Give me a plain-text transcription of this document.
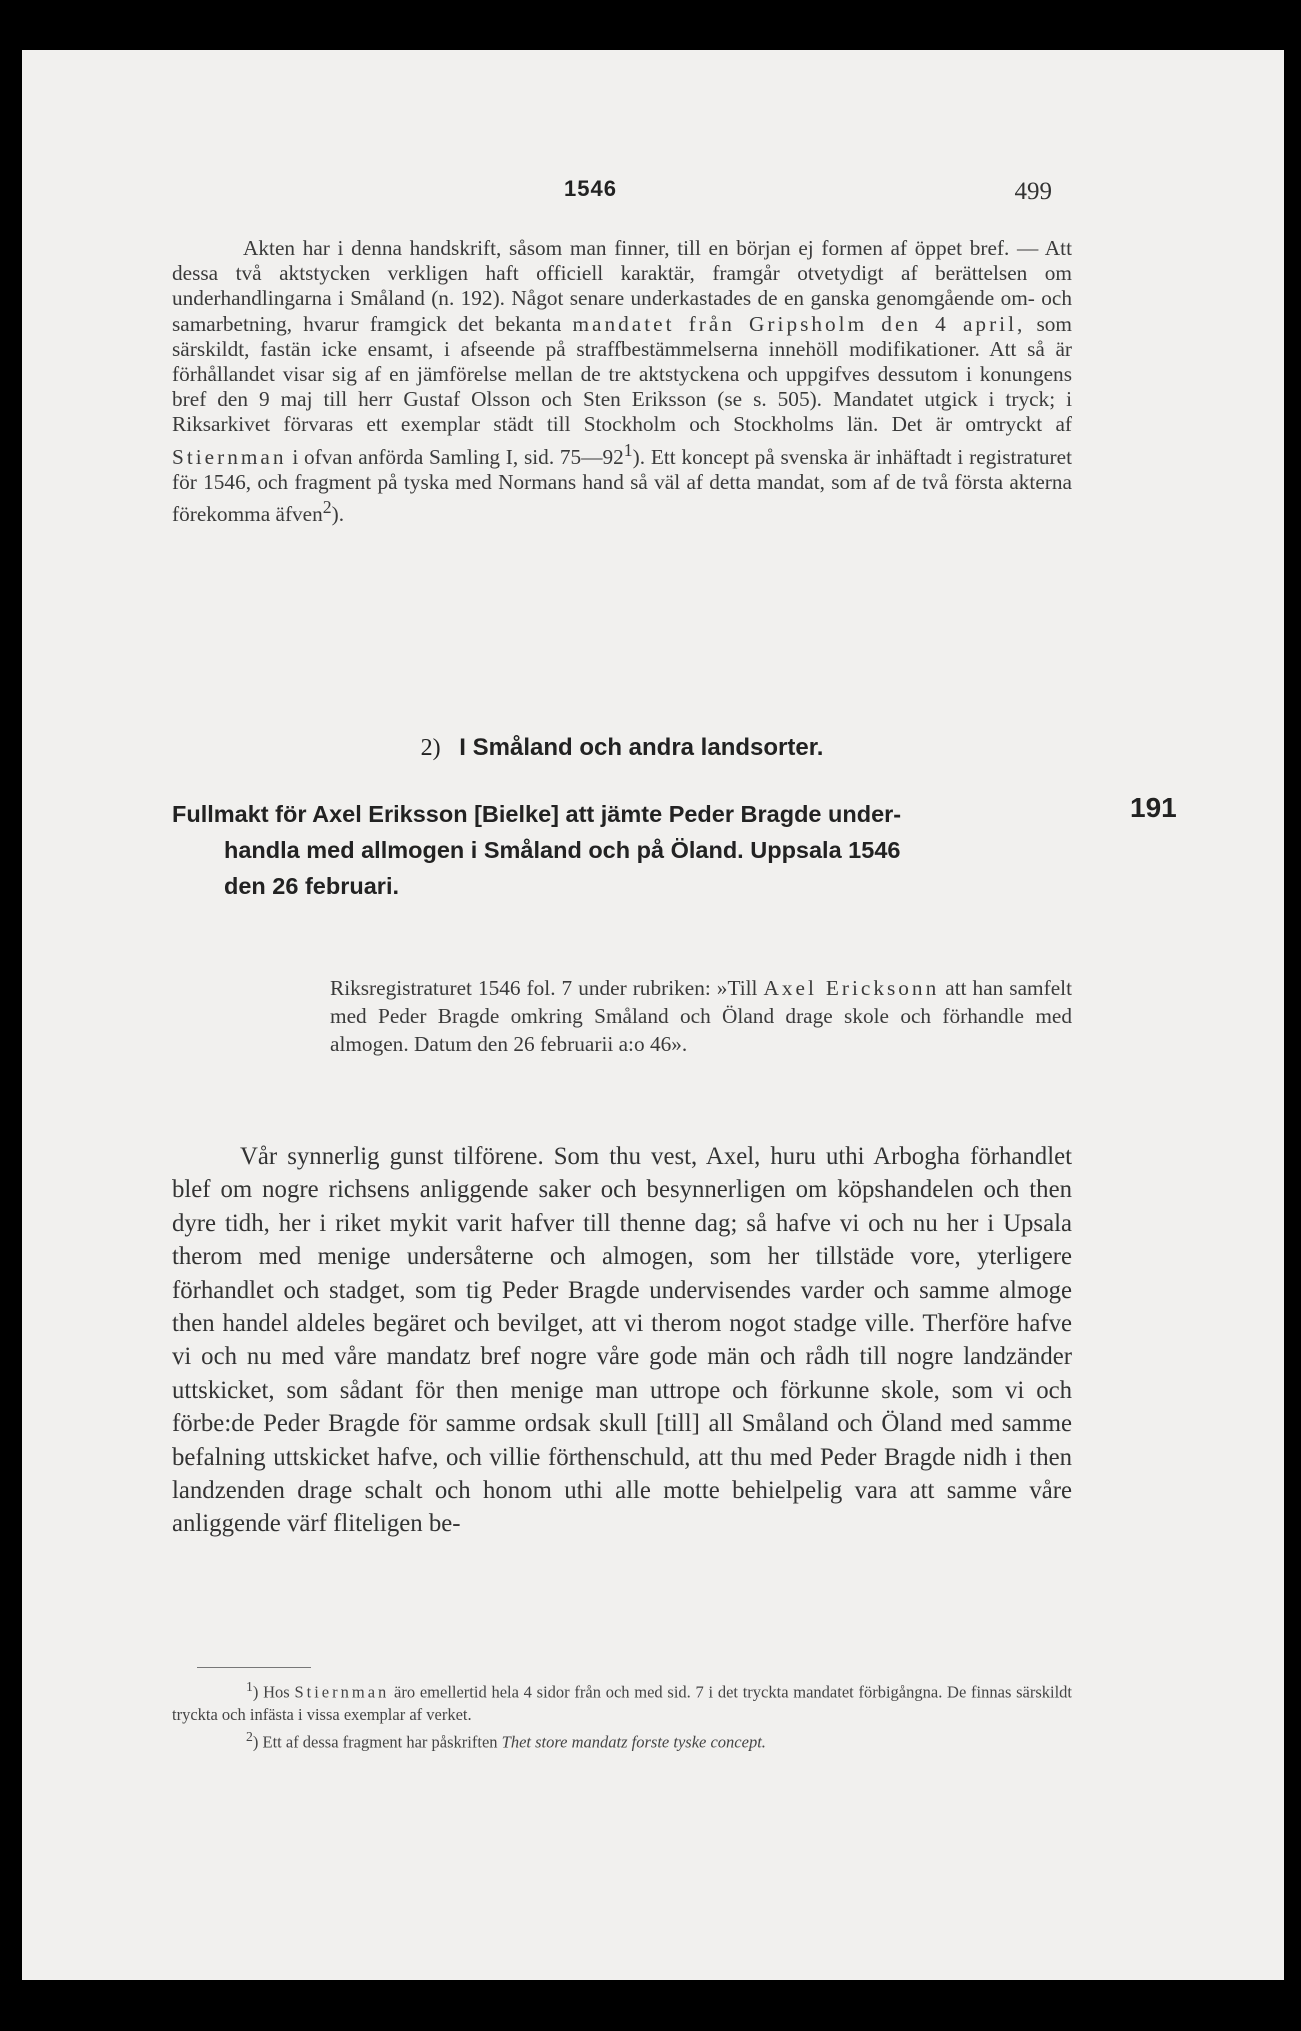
1546	499

Akten har i denna handskrift, såsom man finner, till en början ej formen af öppet bref. — Att dessa två aktstycken verkligen haft officiell karaktär, framgår otvetydigt af berättelsen om underhandlingarna i Småland (n. 192). Något senare underkastades de en ganska genomgående om- och samarbetning, hvarur framgick det bekanta mandatet från Gripsholm den 4 april, som särskildt, fastän icke ensamt, i afseende på straffbestämmelserna innehöll modifikationer. Att så är förhållandet visar sig af en jämförelse mellan de tre aktstyckena och uppgifves dessutom i konungens bref den 9 maj till herr Gustaf Olsson och Sten Eriksson (se s. 505). Mandatet utgick i tryck; i Riksarkivet förvaras ett exemplar städt till Stockholm och Stockholms län. Det är omtryckt af Stiernman i ofvan anförda Samling I, sid. $75—92^1$). Ett koncept på svenska är inhäftadt i registraturet för 1546, och fragment på tyska med Normans hand så väl af detta mandat, som af de två första akterna förekomma äfven$^2$).

2) I Småland och andra landsorter.
Fullmakt för Axel Eriksson [Bielke] att jämte Peder Bragde under-
handla med allmogen i Småland och på Öland. Uppsala 1546
den 26 februari.
191

Riksregistraturet 1546 fol. 7 under rubriken: »Till Axel Ericksonn att han samfelt med Peder Bragde omkring Småland och Öland drage skole och förhandle med almogen. Datum den 26 februarii a:o 46».

Vår synnerlig gunst tilförene. Som thu vest, Axel, huru uthi Arbogha förhandlet blef om nogre richsens anliggende saker och besynnerligen om köpshandelen och then dyre tidh, her i riket mykit varit hafver till thenne dag; så hafve vi och nu her i Upsala therom med menige undersåterne och almogen, som her tillstäde vore, yterligere förhandlet och stadget, som tig Peder Bragde undervisendes varder och samme almoge then handel aldeles begäret och bevilget, att vi therom nogot stadge ville. Therföre hafve vi och nu med våre mandatz bref nogre våre gode män och rådh till nogre landzänder uttskicket, som sådant för then menige man uttrope och förkunne skole, som vi och förbe:de Peder Bragde för samme ordsak skull [till] all Småland och Öland med samme befalning uttskicket hafve, och villie förthenschuld, att thu med Peder Bragde nidh i then landzenden drage schalt och honom uthi alle motte behielpelig vara att samme våre anliggende värf fliteligen be-

$^1$) Hos Stiernman äro emellertid hela 4 sidor från och med sid. 7 i det tryckta mandatet förbigångna. De finnas särskildt tryckta och infästa i vissa exemplar af verket.

$^2$) Ett af dessa fragment har påskriften Thet store mandatz forste tyske concept.
